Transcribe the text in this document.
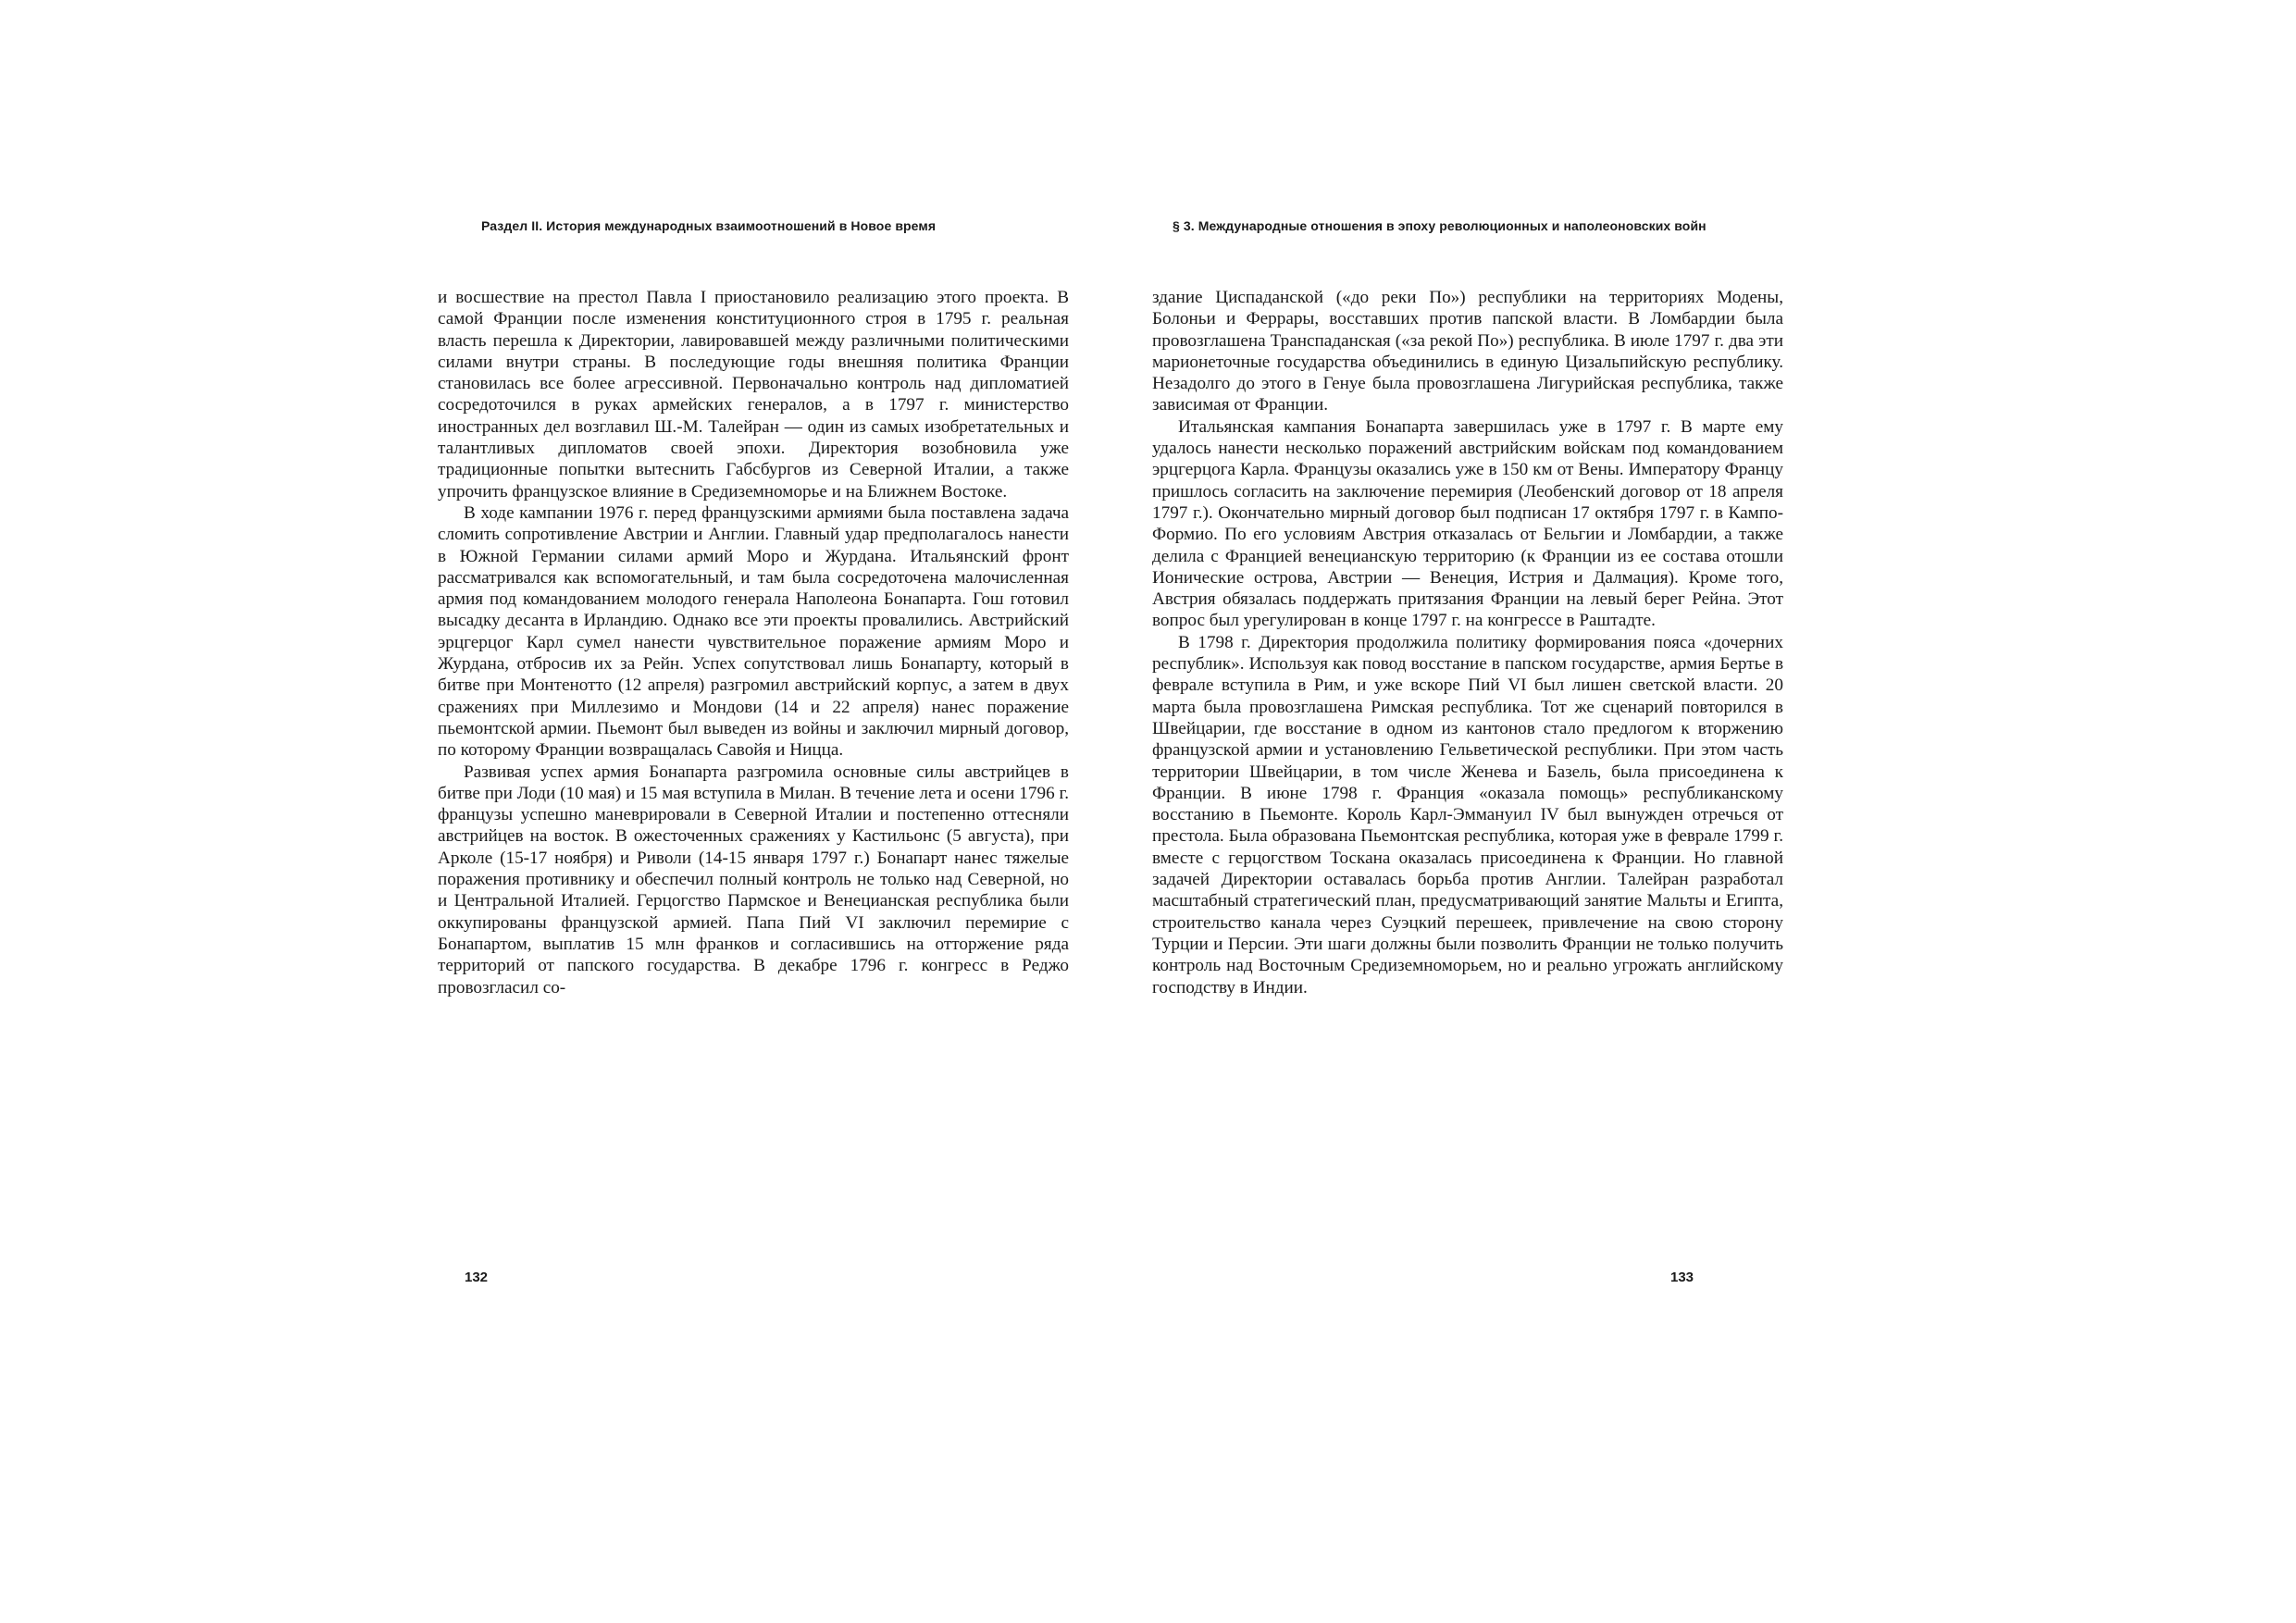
Раздел II. История международных взаимоотношений в Новое время

и восшествие на престол Павла I приостановило реализацию этого проекта. В самой Франции после изменения конституционного строя в 1795 г. реальная власть перешла к Директории, лавировавшей между различными политическими силами внутри страны. В последующие годы внешняя политика Франции становилась все более агрессивной. Первоначально контроль над дипломатией сосредоточился в руках армейских генералов, а в 1797 г. министерство иностранных дел возглавил Ш.-М. Талейран — один из самых изобретательных и талантливых дипломатов своей эпохи. Директория возобновила уже традиционные попытки вытеснить Габсбургов из Северной Италии, а также упрочить французское влияние в Средиземноморье и на Ближнем Востоке.

В ходе кампании 1976 г. перед французскими армиями была поставлена задача сломить сопротивление Австрии и Англии. Главный удар предполагалось нанести в Южной Германии силами армий Моро и Журдана. Итальянский фронт рассматривался как вспомогательный, и там была сосредоточена малочисленная армия под командованием молодого генерала Наполеона Бонапарта. Гош готовил высадку десанта в Ирландию. Однако все эти проекты провалились. Австрийский эрцгерцог Карл сумел нанести чувствительное поражение армиям Моро и Журдана, отбросив их за Рейн. Успех сопутствовал лишь Бонапарту, который в битве при Монтенотто (12 апреля) разгромил австрийский корпус, а затем в двух сражениях при Миллезимо и Мондови (14 и 22 апреля) нанес поражение пьемонтской армии. Пьемонт был выведен из войны и заключил мирный договор, по которому Франции возвращалась Савойя и Ницца.

Развивая успех армия Бонапарта разгромила основные силы австрийцев в битве при Лоди (10 мая) и 15 мая вступила в Милан. В течение лета и осени 1796 г. французы успешно маневрировали в Северной Италии и постепенно оттесняли австрийцев на восток. В ожесточенных сражениях у Кастильонс (5 августа), при Арколе (15-17 ноября) и Риволи (14-15 января 1797 г.) Бонапарт нанес тяжелые поражения противнику и обеспечил полный контроль не только над Северной, но и Центральной Италией. Герцогство Пармское и Венецианская республика были оккупированы французской армией. Папа Пий VI заключил перемирие с Бонапартом, выплатив 15 млн франков и согласившись на отторжение ряда территорий от папского государства. В декабре 1796 г. конгресс в Реджо провозгласил со-

132
§ 3. Международные отношения в эпоху революционных и наполеоновских войн

здание Циспаданской («до реки По») республики на территориях Модены, Болоньи и Феррары, восставших против папской власти. В Ломбардии была провозглашена Транспаданская («за рекой По») республика. В июле 1797 г. два эти марионеточные государства объединились в единую Цизальпийскую республику. Незадолго до этого в Генуе была провозглашена Лигурийская республика, также зависимая от Франции.

Итальянская кампания Бонапарта завершилась уже в 1797 г. В марте ему удалось нанести несколько поражений австрийским войскам под командованием эрцгерцога Карла. Французы оказались уже в 150 км от Вены. Императору Францу пришлось согласить на заключение перемирия (Леобенский договор от 18 апреля 1797 г.). Окончательно мирный договор был подписан 17 октября 1797 г. в Кампо-Формио. По его условиям Австрия отказалась от Бельгии и Ломбардии, а также делила с Францией венецианскую территорию (к Франции из ее состава отошли Ионические острова, Австрии — Венеция, Истрия и Далмация). Кроме того, Австрия обязалась поддержать притязания Франции на левый берег Рейна. Этот вопрос был урегулирован в конце 1797 г. на конгрессе в Раштадте.

В 1798 г. Директория продолжила политику формирования пояса «дочерних республик». Используя как повод восстание в папском государстве, армия Бертье в феврале вступила в Рим, и уже вскоре Пий VI был лишен светской власти. 20 марта была провозглашена Римская республика. Тот же сценарий повторился в Швейцарии, где восстание в одном из кантонов стало предлогом к вторжению французской армии и установлению Гельветической республики. При этом часть территории Швейцарии, в том числе Женева и Базель, была присоединена к Франции. В июне 1798 г. Франция «оказала помощь» республиканскому восстанию в Пьемонте. Король Карл-Эммануил IV был вынужден отречься от престола. Была образована Пьемонтская республика, которая уже в феврале 1799 г. вместе с герцогством Тоскана оказалась присоединена к Франции. Но главной задачей Директории оставалась борьба против Англии. Талейран разработал масштабный стратегический план, предусматривающий занятие Мальты и Египта, строительство канала через Суэцкий перешеек, привлечение на свою сторону Турции и Персии. Эти шаги должны были позволить Франции не только получить контроль над Восточным Средиземноморьем, но и реально угрожать английскому господству в Индии.

133
